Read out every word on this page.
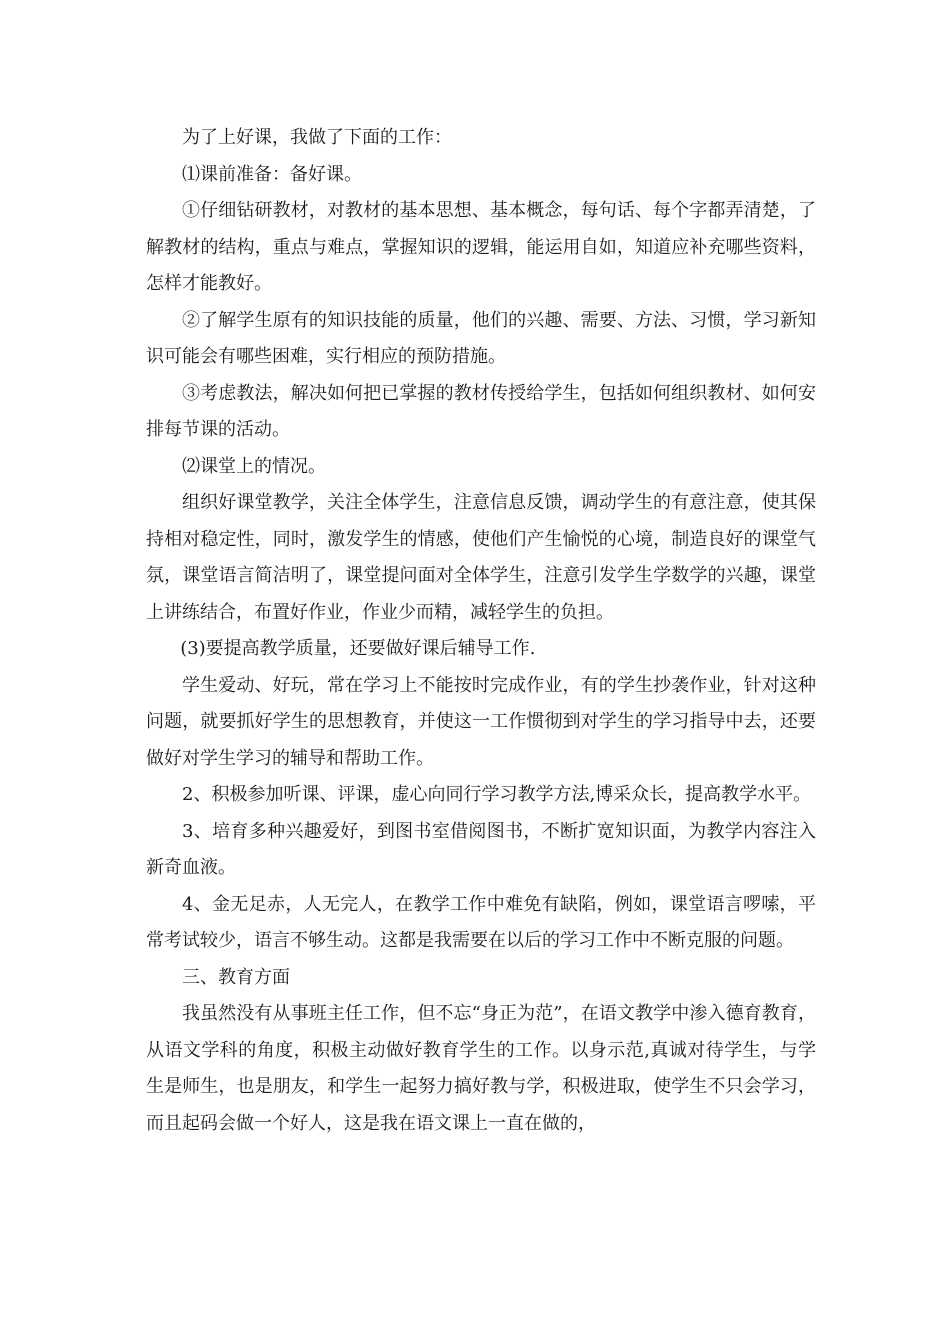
为了上好课，我做了下面的工作：

⑴课前准备：备好课。

①仔细钻研教材，对教材的基本思想、基本概念，每句话、每个字都弄清楚，了解教材的结构，重点与难点，掌握知识的逻辑，能运用自如，知道应补充哪些资料，怎样才能教好。

②了解学生原有的知识技能的质量，他们的兴趣、需要、方法、习惯，学习新知识可能会有哪些困难，实行相应的预防措施。

③考虑教法，解决如何把已掌握的教材传授给学生，包括如何组织教材、如何安排每节课的活动。

⑵课堂上的情况。

组织好课堂教学，关注全体学生，注意信息反馈，调动学生的有意注意，使其保持相对稳定性，同时，激发学生的情感，使他们产生愉悦的心境，制造良好的课堂气氛，课堂语言简洁明了，课堂提问面对全体学生，注意引发学生学数学的兴趣，课堂上讲练结合，布置好作业，作业少而精，减轻学生的负担。

(3)要提高教学质量，还要做好课后辅导工作.

学生爱动、好玩，常在学习上不能按时完成作业，有的学生抄袭作业，针对这种问题，就要抓好学生的思想教育，并使这一工作惯彻到对学生的学习指导中去，还要做好对学生学习的辅导和帮助工作。

2、积极参加听课、评课，虚心向同行学习教学方法,博采众长，提高教学水平。

3、培育多种兴趣爱好，到图书室借阅图书，不断扩宽知识面，为教学内容注入新奇血液。

4、金无足赤，人无完人，在教学工作中难免有缺陷，例如，课堂语言啰嗦，平常考试较少，语言不够生动。这都是我需要在以后的学习工作中不断克服的问题。

三、教育方面

我虽然没有从事班主任工作，但不忘“身正为范”，在语文教学中渗入德育教育，从语文学科的角度，积极主动做好教育学生的工作。以身示范,真诚对待学生，与学生是师生，也是朋友，和学生一起努力搞好教与学，积极进取，使学生不只会学习，而且起码会做一个好人，这是我在语文课上一直在做的，
